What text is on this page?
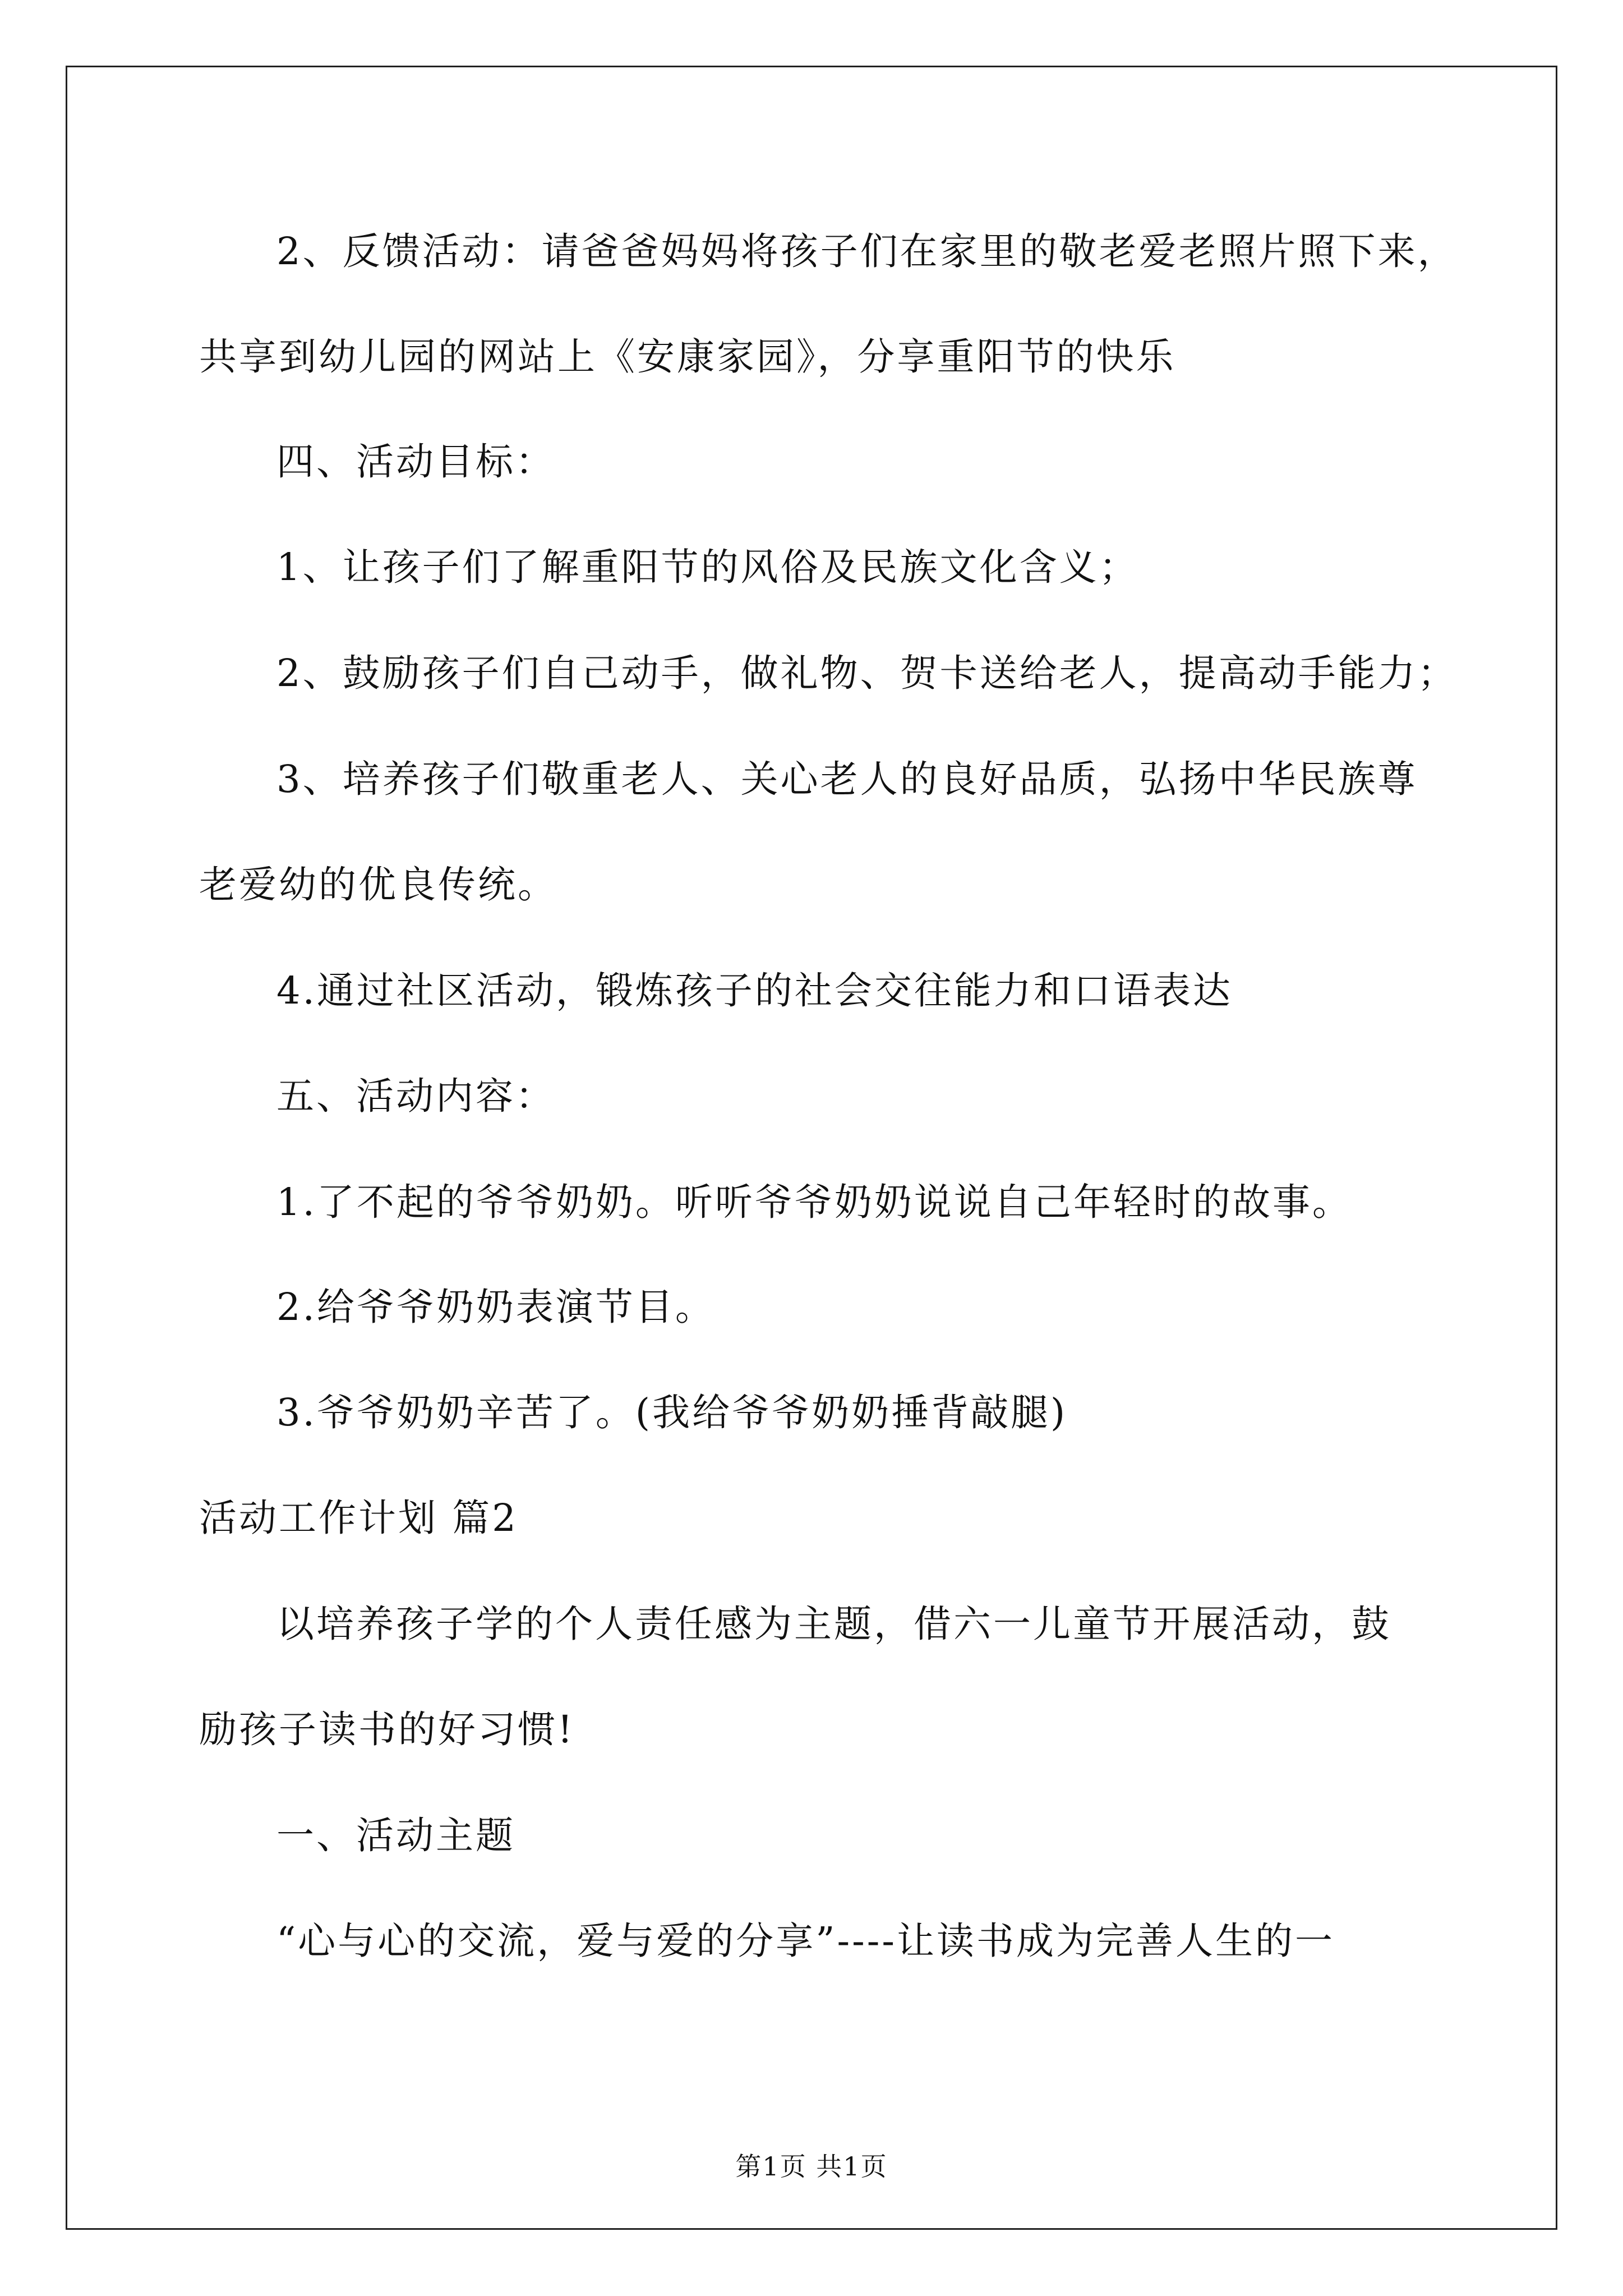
2、反馈活动：请爸爸妈妈将孩子们在家里的敬老爱老照片照下来，
共享到幼儿园的网站上《安康家园》，分享重阳节的快乐
四、活动目标：
1、让孩子们了解重阳节的风俗及民族文化含义；
2、鼓励孩子们自己动手，做礼物、贺卡送给老人，提高动手能力；
3、培养孩子们敬重老人、关心老人的良好品质，弘扬中华民族尊
老爱幼的优良传统。
4.通过社区活动，锻炼孩子的社会交往能力和口语表达
五、活动内容：
1.了不起的爷爷奶奶。听听爷爷奶奶说说自己年轻时的故事。
2.给爷爷奶奶表演节目。
3.爷爷奶奶辛苦了。(我给爷爷奶奶捶背敲腿)
活动工作计划 篇2
以培养孩子学的个人责任感为主题，借六一儿童节开展活动，鼓
励孩子读书的好习惯!
一、活动主题
“心与心的交流，爱与爱的分享”----让读书成为完善人生的一
第1页 共1页
